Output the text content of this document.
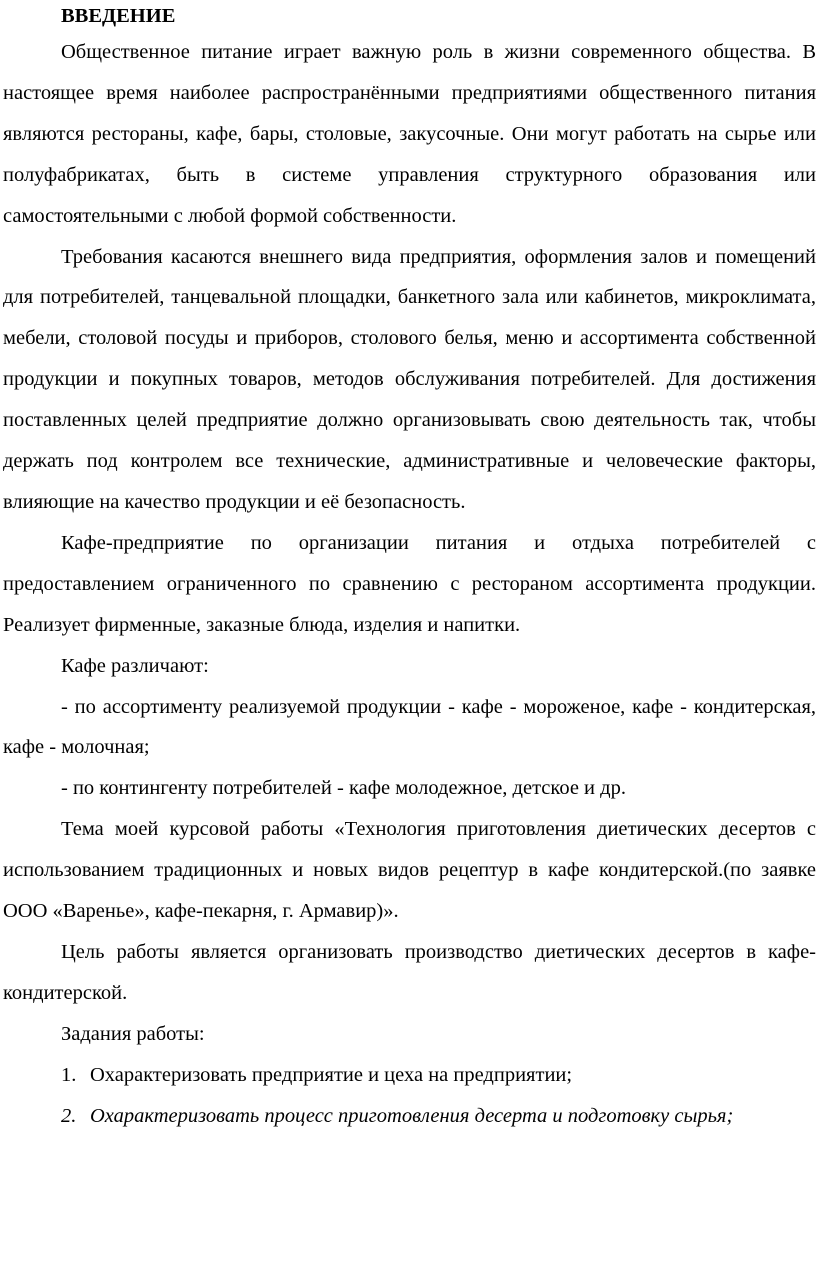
ВВЕДЕНИЕ

Общественное питание играет важную роль в жизни современного общества. В настоящее время наиболее распространёнными предприятиями общественного питания являются рестораны, кафе, бары, столовые, закусочные. Они могут работать на сырье или полуфабрикатах, быть в системе управления структурного образования или самостоятельными с любой формой собственности.

Требования касаются внешнего вида предприятия, оформления залов и помещений для потребителей, танцевальной площадки, банкетного зала или кабинетов, микроклимата, мебели, столовой посуды и приборов, столового белья, меню и ассортимента собственной продукции и покупных товаров, методов обслуживания потребителей. Для достижения поставленных целей предприятие должно организовывать свою деятельность так, чтобы держать под контролем все технические, административные и человеческие факторы, влияющие на качество продукции и её безопасность.

Кафе-предприятие по организации питания и отдыха потребителей с предоставлением ограниченного по сравнению с рестораном ассортимента продукции. Реализует фирменные, заказные блюда, изделия и напитки.

Кафе различают:

- по ассортименту реализуемой продукции - кафе - мороженое, кафе - кондитерская, кафе - молочная;

- по контингенту потребителей - кафе молодежное, детское и др.

Тема моей курсовой работы «Технология приготовления диетических десертов с использованием традиционных и новых видов рецептур в кафе кондитерской.(по заявке ООО «Варенье», кафе-пекарня, г. Армавир)».

Цель работы является организовать производство диетических десертов в кафе-кондитерской.

Задания работы:

1. Охарактеризовать предприятие и цеха на предприятии;
2. Охарактеризовать процесс приготовления десерта и подготовку сырья;
